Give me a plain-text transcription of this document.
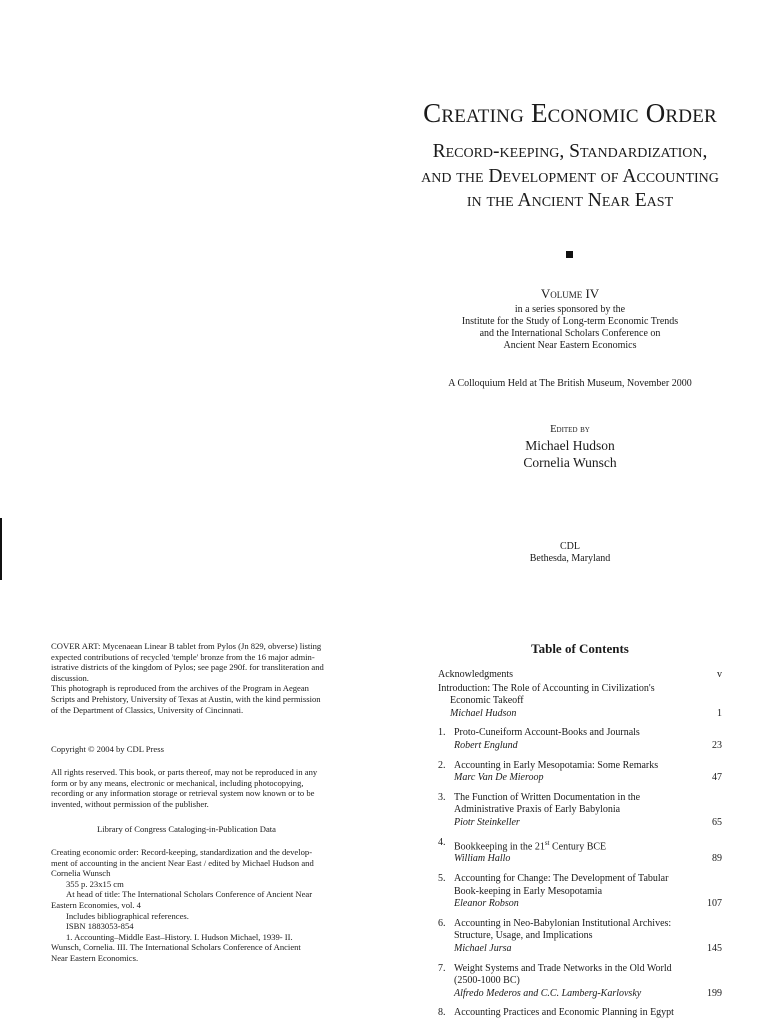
Creating Economic Order
Record-keeping, Standardization,
and the Development of Accounting
in the Ancient Near East
Volume IV
in a series sponsored by the
Institute for the Study of Long-term Economic Trends
and the International Scholars Conference on
Ancient Near Eastern Economics
A Colloquium Held at The British Museum, November 2000
Edited by
Michael Hudson
Cornelia Wunsch
CDL
Bethesda, Maryland
COVER ART: Mycenaean Linear B tablet from Pylos (Jn 829, obverse) listing
expected contributions of recycled 'temple' bronze from the 16 major admin-
istrative districts of the kingdom of Pylos; see page 290f. for transliteration and
discussion.
This photograph is reproduced from the archives of the Program in Aegean
Scripts and Prehistory, University of Texas at Austin, with the kind permission
of the Department of Classics, University of Cincinnati.
Copyright © 2004 by CDL Press
All rights reserved. This book, or parts thereof, may not be reproduced in any
form or by any means, electronic or mechanical, including photocopying,
recording or any information storage or retrieval system now known or to be
invented, without permission of the publisher.
Library of Congress Cataloging-in-Publication Data
Creating economic order: Record-keeping, standardization and the develop-
ment of accounting in the ancient Near East / edited by Michael Hudson and
Cornelia Wunsch
355 p. 23x15 cm
At head of title: The International Scholars Conference of Ancient Near
Eastern Economies, vol. 4
Includes bibliographical references.
ISBN 1883053-854
1. Accounting–Middle East–History. I. Hudson Michael, 1939- II.
Wunsch, Cornelia. III. The International Scholars Conference of Ancient
Near Eastern Economics.
Table of Contents
Acknowledgments	v
Introduction: The Role of Accounting in Civilization's
Economic Takeoff
Michael Hudson	1
1. Proto-Cuneiform Account-Books and Journals
Robert Englund	23
2. Accounting in Early Mesopotamia: Some Remarks
Marc Van De Mieroop	47
3. The Function of Written Documentation in the
Administrative Praxis of Early Babylonia
Piotr Steinkeller	65
4. Bookkeeping in the 21st Century BCE
William Hallo	89
5. Accounting for Change: The Development of Tabular
Book-keeping in Early Mesopotamia
Eleanor Robson	107
6. Accounting in Neo-Babylonian Institutional Archives:
Structure, Usage, and Implications
Michael Jursa	145
7. Weight Systems and Trade Networks in the Old World
(2500-1000 BC)
Alfredo Mederos and C.C. Lamberg-Karlovsky	199
8. Accounting Practices and Economic Planning in Egypt
